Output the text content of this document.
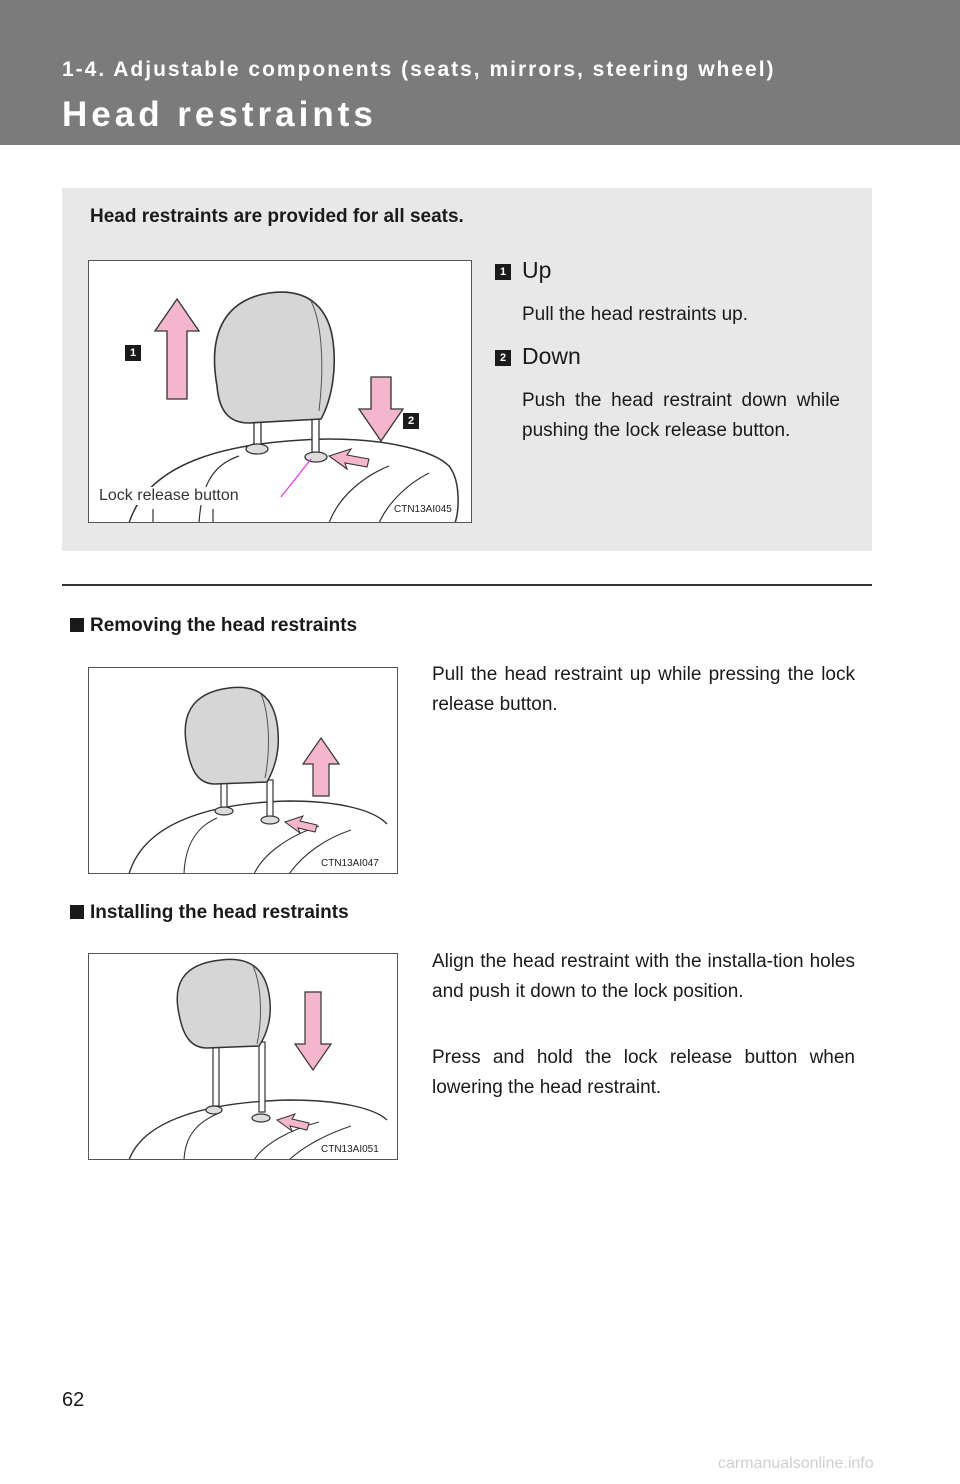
1-4. Adjustable components (seats, mirrors, steering wheel)
Head restraints
Head restraints are provided for all seats.
1
2
Lock release button
CTN13AI045
1 Up
Pull the head restraints up.
2 Down
Push the head restraint down while pushing the lock release button.
Removing the head restraints
Pull the head restraint up while pressing the lock release button.
CTN13AI047
Installing the head restraints
Align the head restraint with the installa-tion holes and push it down to the lock position.
Press and hold the lock release button when lowering the head restraint.
CTN13AI051
62
carmanualsonline.info
